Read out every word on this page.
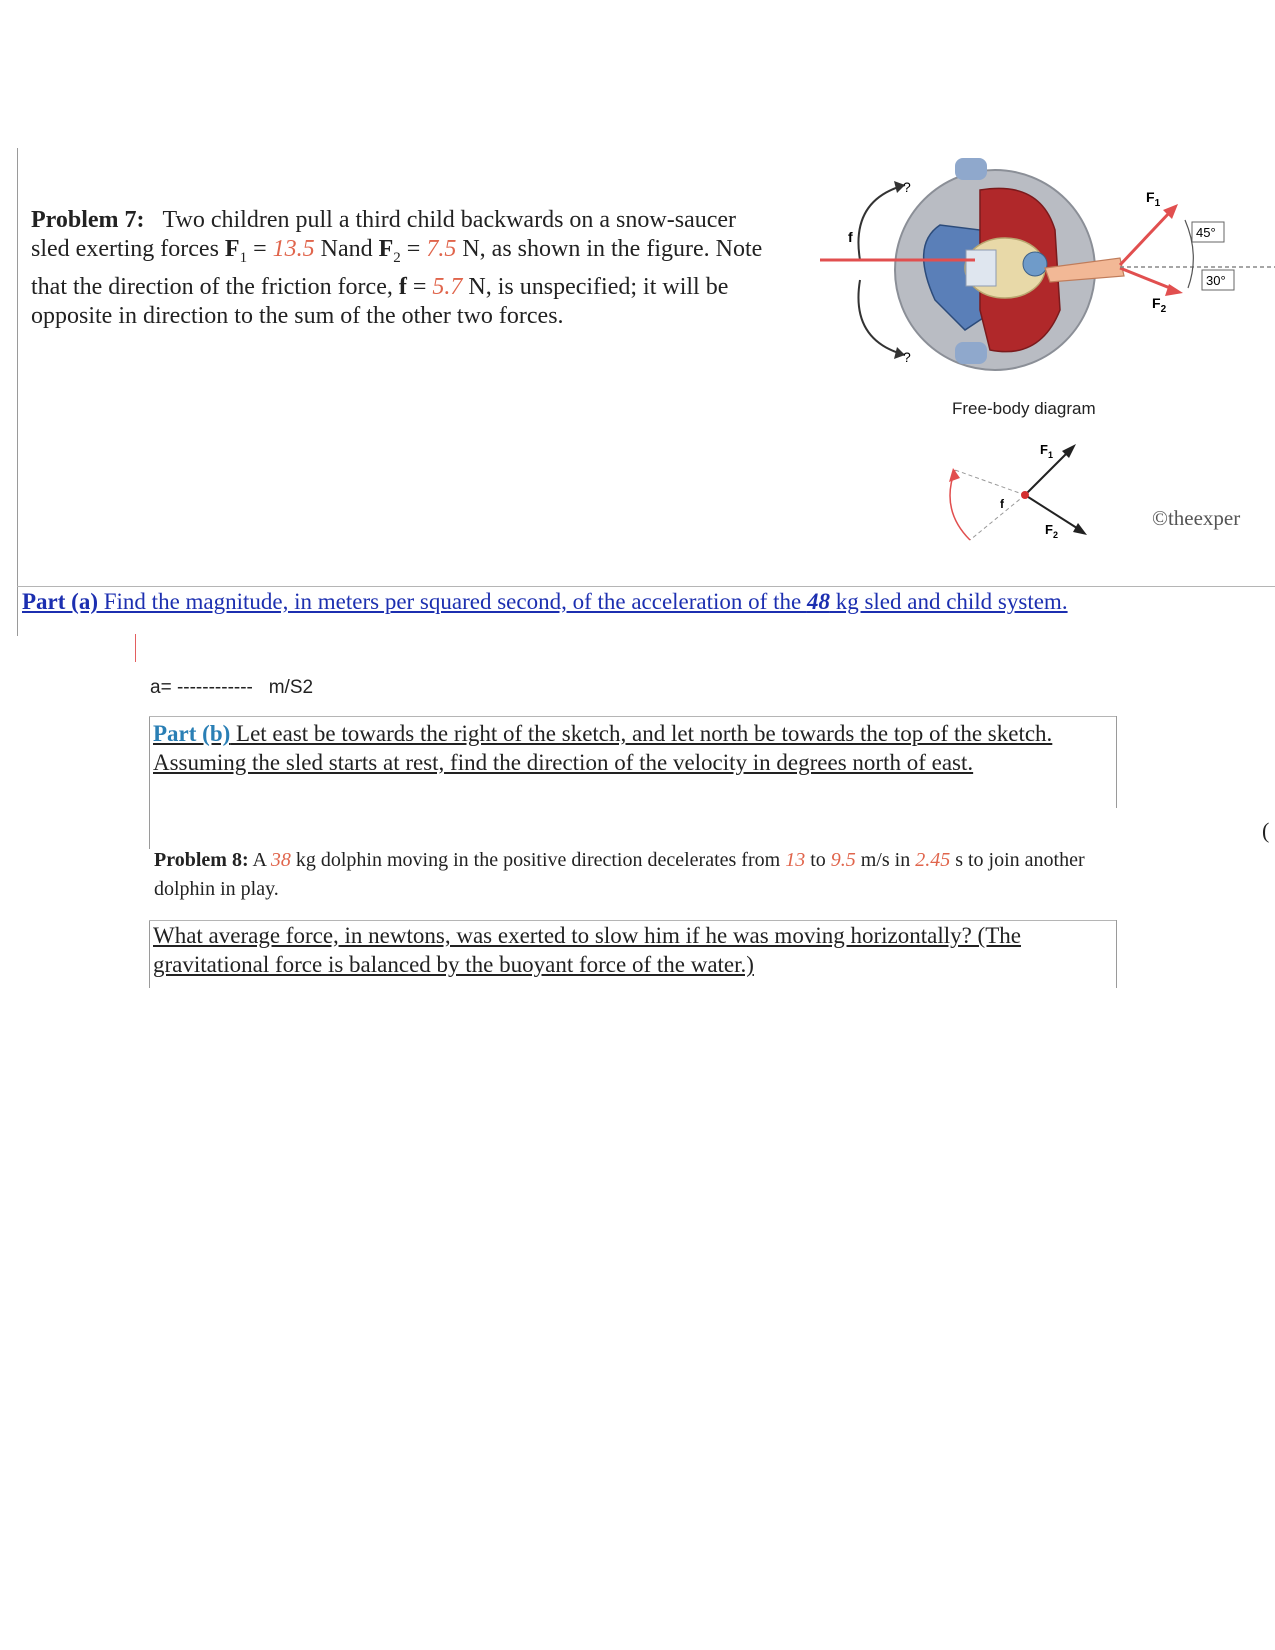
Problem 7: Two children pull a third child backwards on a snow-saucer sled exerting forces $F_1 = 13.5$ Nand $F_2 = 7.5$ N, as shown in the figure. Note that the direction of the friction force, f = 5.7 N, is unspecified; it will be opposite in direction to the sum of the other two forces.
?
?
f
$F_1$
$F_2$
45°
30°
Free-body diagram
$F_1$
$F_2$
f
©theexper
Part (a) Find the magnitude, in meters per squared second, of the acceleration of the 48 kg sled and child system.
a= ------------ m/S2
Part (b) Let east be towards the right of the sketch, and let north be towards the top of the sketch. Assuming the sled starts at rest, find the direction of the velocity in degrees north of east.
Problem 8: A 38 kg dolphin moving in the positive direction decelerates from 13 to 9.5 m/s in 2.45 s to join another dolphin in play.
What average force, in newtons, was exerted to slow him if he was moving horizontally? (The gravitational force is balanced by the buoyant force of the water.)
(
